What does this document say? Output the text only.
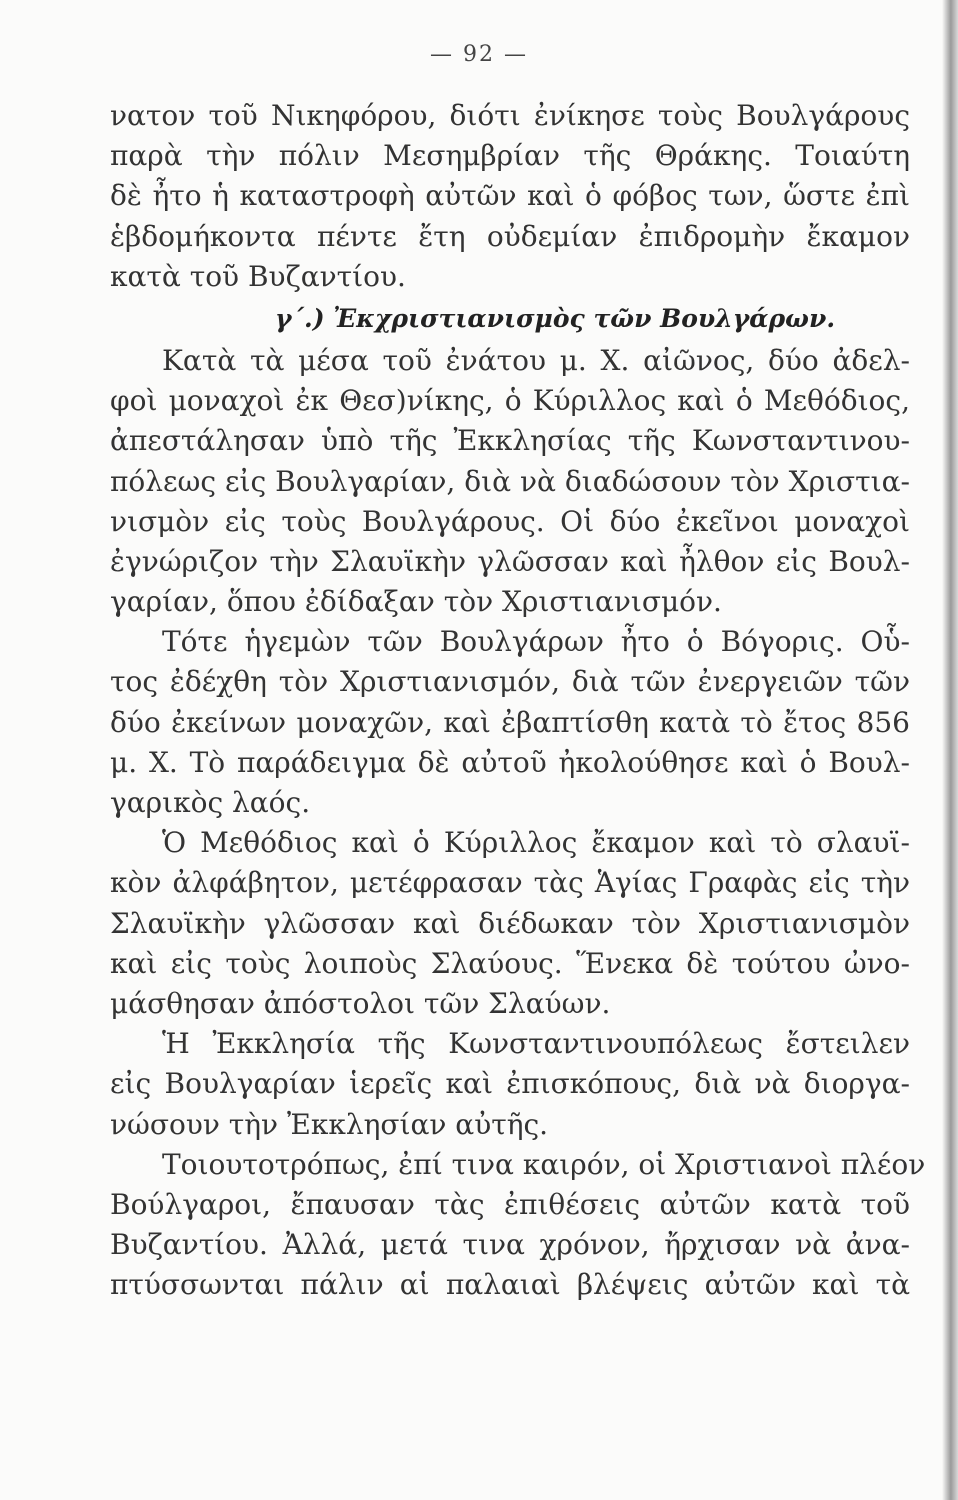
— 92 —
νατον τοῦ Νικηφόρου, διότι ἐνίκησε τοὺς Βουλγάρους
παρὰ τὴν πόλιν Μεσημβρίαν τῆς Θράκης. Τοιαύτη
δὲ ἦτο ἡ καταστροφὴ αὐτῶν καὶ ὁ φόβος των, ὥστε ἐπὶ
ἑβδομήκοντα πέντε ἔτη οὐδεμίαν ἐπιδρομὴν ἔκαμον
κατὰ τοῦ Βυζαντίου.
γ΄.) Ἐκχριστιανισμὸς τῶν Βουλγάρων.
Κατὰ τὰ μέσα τοῦ ἐνάτου μ. Χ. αἰῶνος, δύο ἀδελ-
φοὶ μοναχοὶ ἐκ Θεσ)νίκης, ὁ Κύριλλος καὶ ὁ Μεθόδιος,
ἀπεστάλησαν ὑπὸ τῆς Ἐκκλησίας τῆς Κωνσταντινου-
πόλεως εἰς Βουλγαρίαν, διὰ νὰ διαδώσουν τὸν Χριστια-
νισμὸν εἰς τοὺς Βουλγάρους. Οἱ δύο ἐκεῖνοι μοναχοὶ
ἐγνώριζον τὴν Σλαυϊκὴν γλῶσσαν καὶ ἦλθον εἰς Βουλ-
γαρίαν, ὅπου ἐδίδαξαν τὸν Χριστιανισμόν.
Τότε ἡγεμὼν τῶν Βουλγάρων ἦτο ὁ Βόγορις. Οὗ-
τος ἐδέχθη τὸν Χριστιανισμόν, διὰ τῶν ἐνεργειῶν τῶν
δύο ἐκείνων μοναχῶν, καὶ ἐβαπτίσθη κατὰ τὸ ἔτος 856
μ. Χ. Τὸ παράδειγμα δὲ αὐτοῦ ἠκολούθησε καὶ ὁ Βουλ-
γαρικὸς λαός.
Ὁ Μεθόδιος καὶ ὁ Κύριλλος ἔκαμον καὶ τὸ σλαυϊ-
κὸν ἀλφάβητον, μετέφρασαν τὰς Ἁγίας Γραφὰς εἰς τὴν
Σλαυϊκὴν γλῶσσαν καὶ διέδωκαν τὸν Χριστιανισμὸν
καὶ εἰς τοὺς λοιποὺς Σλαύους. Ἕνεκα δὲ τούτου ὠνο-
μάσθησαν ἀπόστολοι τῶν Σλαύων.
Ἡ Ἐκκλησία τῆς Κωνσταντινουπόλεως ἔστειλεν
εἰς Βουλγαρίαν ἱερεῖς καὶ ἐπισκόπους, διὰ νὰ διοργα-
νώσουν τὴν Ἐκκλησίαν αὐτῆς.
Τοιουτοτρόπως, ἐπί τινα καιρόν, οἱ Χριστιανοὶ πλέον
Βούλγαροι, ἔπαυσαν τὰς ἐπιθέσεις αὐτῶν κατὰ τοῦ
Βυζαντίου. Ἀλλά, μετά τινα χρόνον, ἤρχισαν νὰ ἀνα-
πτύσσωνται πάλιν αἱ παλαιαὶ βλέψεις αὐτῶν καὶ τὰ
